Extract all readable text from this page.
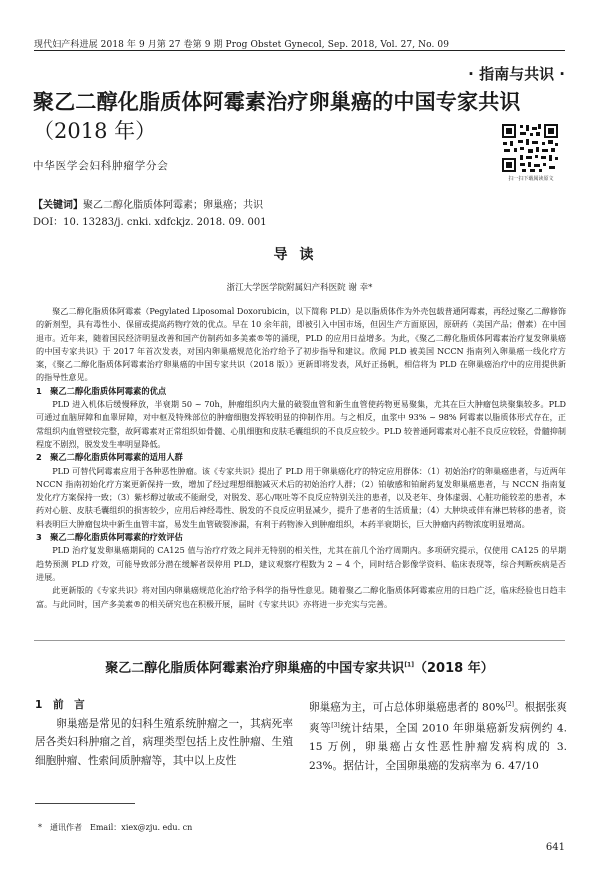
现代妇产科进展 2018 年 9 月第 27 卷第 9 期 Prog Obstet Gynecol, Sep. 2018, Vol. 27, No. 09
· 指南与共识 ·
聚乙二醇化脂质体阿霉素治疗卵巢癌的中国专家共识
（2018 年）
扫一扫下载阅读原文
中华医学会妇科肿瘤学分会
【关键词】聚乙二醇化脂质体阿霉素；卵巢癌；共识
DOI：10. 13283/j. cnki. xdfckjz. 2018. 09. 001
导读
浙江大学医学院附属妇产科医院 谢 幸*

聚乙二醇化脂质体阿霉素（Pegylated Liposomal Doxorubicin，以下简称 PLD）是以脂质体作为外壳包载普通阿霉素，再经过聚乙二醇修饰的新剂型，具有毒性小、保留或提高药物疗效的优点。早在 10 余年前，即被引入中国市场，但因生产方面原因，原研药（美国产品；僣素）在中国退市。近年来，随着国民经济明显改善和国产仿制药如多美素®等的涌现，PLD 的应用日益增多。为此，《聚乙二醇化脂质体阿霉素治疗复发卵巢癌的中国专家共识》于 2017 年首次发表，对国内卵巢癌规范化治疗给予了初步指导和建议。欣闻 PLD 被美国 NCCN 指南列入卵巢癌一线化疗方案，《聚乙二醇化脂质体阿霉素治疗卵巢癌的中国专家共识（2018 版）》更新即将发表，风好正扬帆，相信将为 PLD 在卵巢癌治疗中的应用提供新的指导性意见。

1　聚乙二醇化脂质体阿霉素的优点

PLD 进入机体后缓慢释放，半衰期 50 ~ 70h，肿瘤组织内大量的破裂血管和新生血管使药物更易聚集，尤其在巨大肿瘤包块聚集较多。PLD 可通过血脑屏障和血睾屏障，对中枢及特殊部位的肿瘤细胞发挥较明显的抑制作用。与之相反，血浆中 93% ~ 98% 阿霉素以脂质体形式存在，正常组织内血管壁较完整，故阿霉素对正常组织如骨髓、心肌细胞和皮肤毛囊组织的不良反应较少。PLD 较普通阿霉素对心脏不良反应较轻，骨髓抑制程度不剧烈，脱发发生率明显降低。

2　聚乙二醇化脂质体阿霉素的适用人群

PLD 可替代阿霉素应用于各种恶性肿瘤。该《专家共识》提出了 PLD 用于卵巢癌化疗的特定应用群体：（1）初始治疗的卵巢癌患者，与近两年 NCCN 指南初始化疗方案更新保持一致，增加了经过理想细胞减灭术后的初始治疗人群；（2）铂敏感和铂耐药复发卵巢癌患者，与 NCCN 指南复发化疗方案保持一致；（3）紫杉醇过敏或不能耐受，对脱发、恶心/呕吐等不良反应特别关注的患者，以及老年、身体虚弱、心脏功能较差的患者，本药对心脏、皮肤毛囊组织的损害较少，应用后神经毒性、脱发的不良反应明显减少，提升了患者的生活质量；（4）大肿块或伴有淋巴转移的患者，资料表明巨大肿瘤包块中新生血管丰富，易发生血管破裂渗漏，有利于药物渗入到肿瘤组织，本药半衰期长，巨大肿瘤内药物浓度明显增高。

3　聚乙二醇化脂质体阿霉素的疗效评估

PLD 治疗复发卵巢癌期间的 CA125 值与治疗疗效之间并无特别的相关性，尤其在前几个治疗周期内。多项研究提示，仅使用 CA125 的早期趋势预测 PLD 疗效，可能导致部分潜在缓解者误停用 PLD，建议观察疗程数为 2 ~ 4 个，同时结合影像学资料、临床表现等，综合判断疾病是否进展。

此更新版的《专家共识》将对国内卵巢癌规范化治疗给予科学的指导性意见。随着聚乙二醇化脂质体阿霉素应用的日趋广泛，临床经验也日趋丰富。与此同时，国产多美素®的相关研究也在积极开展，届时《专家共识》亦将进一步充实与完善。

聚乙二醇化脂质体阿霉素治疗卵巢癌的中国专家共识[1]（2018 年）

1　前　言

卵巢癌是常见的妇科生殖系统肿瘤之一，其病死率居各类妇科肿瘤之首，病理类型包括上皮性肿瘤、生殖细胞肿瘤、性索间质肿瘤等，其中以上皮性

卵巢癌为主，可占总体卵巢癌患者的 80%[2]。根据张爽爽等[3]统计结果，全国 2010 年卵巢癌新发病例约 4. 15 万例，卵巢癌占女性恶性肿瘤发病构成的 3. 23%。据估计，全国卵巢癌的发病率为 6. 47/10

*　通讯作者　Email：xiex@zju. edu. cn
641
